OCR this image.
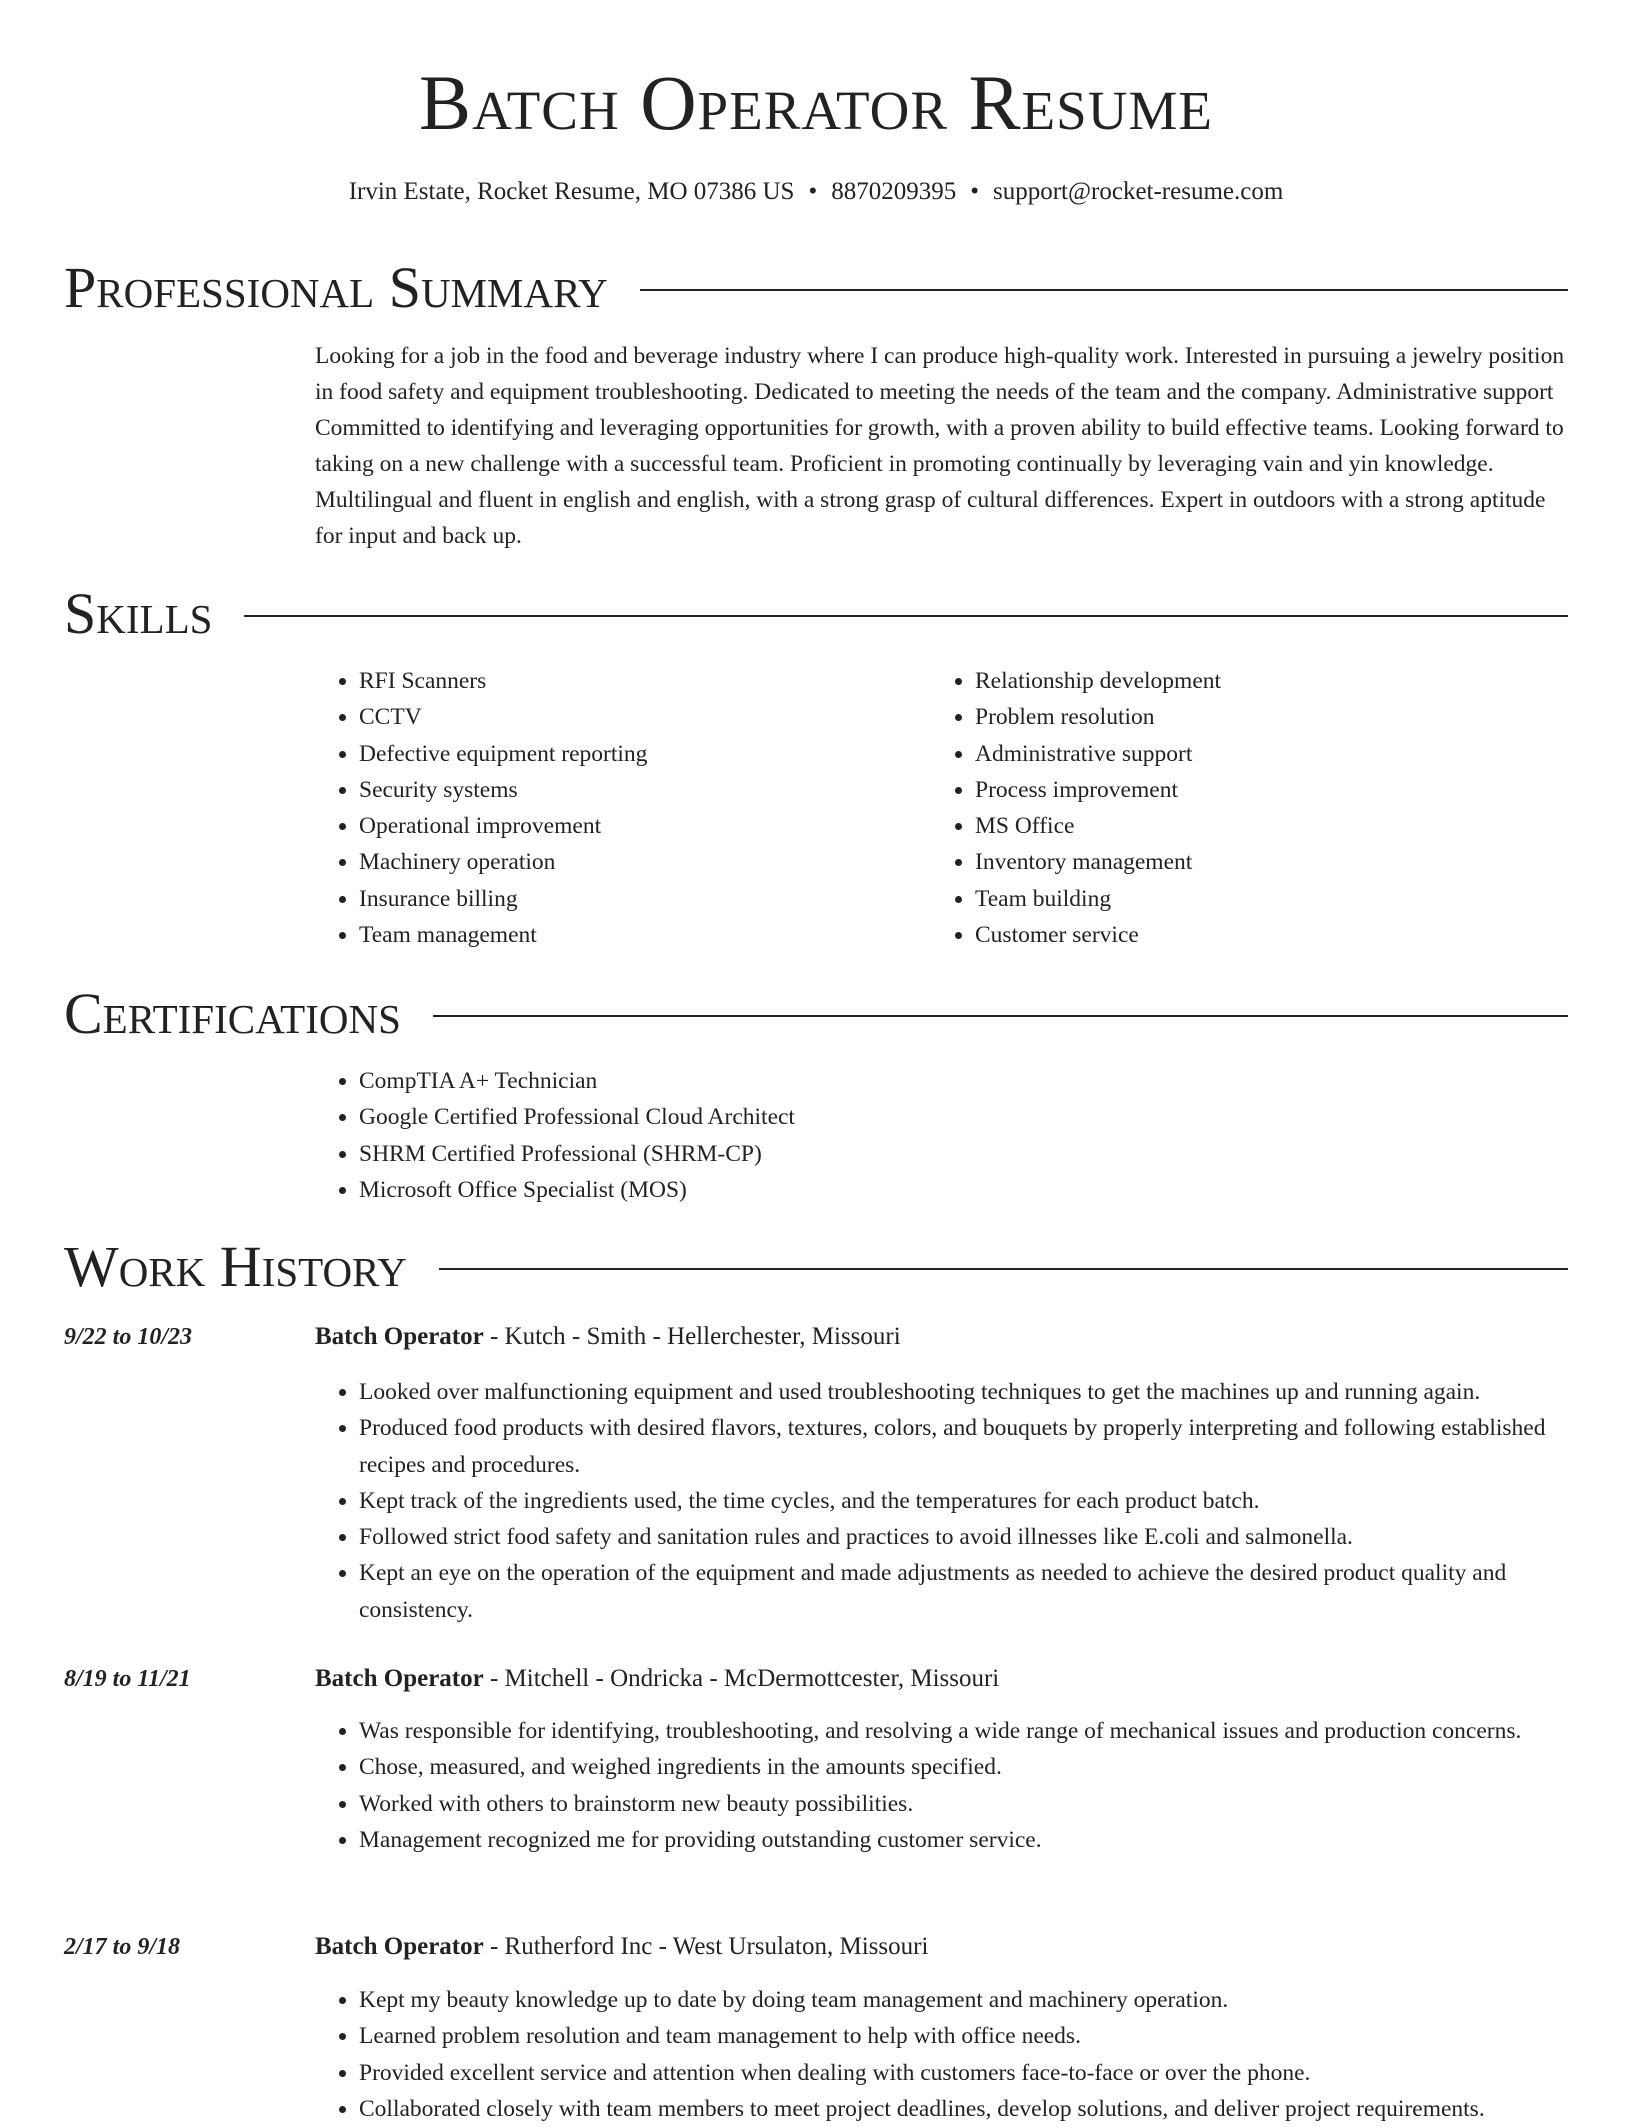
Batch Operator Resume
Irvin Estate, Rocket Resume, MO 07386 US • 8870209395 • support@rocket-resume.com
Professional Summary

Looking for a job in the food and beverage industry where I can produce high-quality work. Interested in pursuing a jewelry position in food safety and equipment troubleshooting. Dedicated to meeting the needs of the team and the company. Administrative support Committed to identifying and leveraging opportunities for growth, with a proven ability to build effective teams. Looking forward to taking on a new challenge with a successful team. Proficient in promoting continually by leveraging vain and yin knowledge. Multilingual and fluent in english and english, with a strong grasp of cultural differences. Expert in outdoors with a strong aptitude for input and back up.

Skills
• RFI Scanners
• CCTV
• Defective equipment reporting
• Security systems
• Operational improvement
• Machinery operation
• Insurance billing
• Team management
• Relationship development
• Problem resolution
• Administrative support
• Process improvement
• MS Office
• Inventory management
• Team building
• Customer service
Certifications
• CompTIA A+ Technician
• Google Certified Professional Cloud Architect
• SHRM Certified Professional (SHRM-CP)
• Microsoft Office Specialist (MOS)
Work History
9/22 to 10/23	Batch Operator - Kutch - Smith - Hellerchester, Missouri
• Looked over malfunctioning equipment and used troubleshooting techniques to get the machines up and running again.
• Produced food products with desired flavors, textures, colors, and bouquets by properly interpreting and following established recipes and procedures.
• Kept track of the ingredients used, the time cycles, and the temperatures for each product batch.
• Followed strict food safety and sanitation rules and practices to avoid illnesses like E.coli and salmonella.
• Kept an eye on the operation of the equipment and made adjustments as needed to achieve the desired product quality and consistency.
8/19 to 11/21	Batch Operator - Mitchell - Ondricka - McDermottcester, Missouri
• Was responsible for identifying, troubleshooting, and resolving a wide range of mechanical issues and production concerns.
• Chose, measured, and weighed ingredients in the amounts specified.
• Worked with others to brainstorm new beauty possibilities.
• Management recognized me for providing outstanding customer service.
2/17 to 9/18	Batch Operator - Rutherford Inc - West Ursulaton, Missouri
• Kept my beauty knowledge up to date by doing team management and machinery operation.
• Learned problem resolution and team management to help with office needs.
• Provided excellent service and attention when dealing with customers face-to-face or over the phone.
• Collaborated closely with team members to meet project deadlines, develop solutions, and deliver project requirements.
